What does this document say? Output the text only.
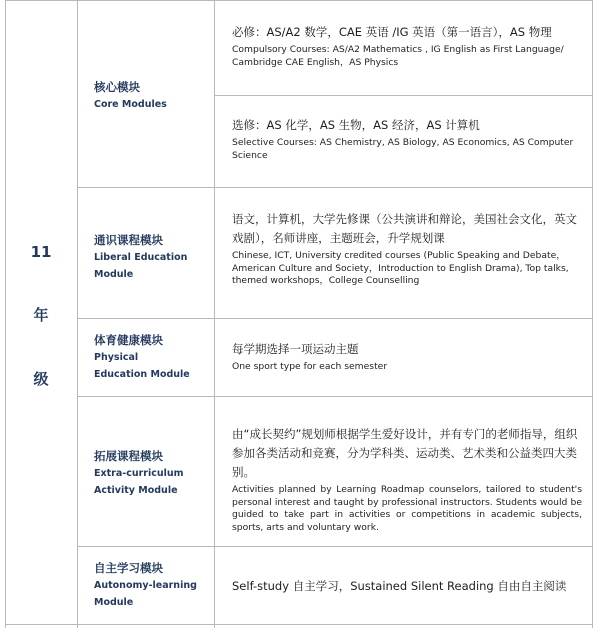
11
年
级
核心模块
Core Modules
必修：AS/A2 数学，CAE 英语 /IG 英语（第一语言），AS 物理
Compulsory Courses: AS/A2 Mathematics , IG English as First Language/ Cambridge CAE English，AS Physics
选修：AS 化学，AS 生物，AS 经济，AS 计算机
Selective Courses: AS Chemistry, AS Biology, AS Economics, AS Computer Science
通识课程模块
Liberal Education
Module
语文，计算机，大学先修课（公共演讲和辩论，美国社会文化，英文戏剧），名师讲座，主题班会，升学规划课
Chinese, ICT, University credited courses (Public Speaking and Debate，American Culture and Society，Introduction to English Drama), Top talks, themed workshops，College Counselling
体育健康模块
Physical
Education Module
每学期选择一项运动主题
One sport type for each semester
拓展课程模块
Extra-curriculum
Activity Module
由“成长契约”规划师根据学生爱好设计，并有专门的老师指导，组织参加各类活动和竞赛，分为学科类、运动类、艺术类和公益类四大类别。
Activities planned by Learning Roadmap counselors, tailored to student's personal interest and taught by professional instructors. Students would be guided to take part in activities or competitions in academic subjects, sports, arts and voluntary work.
自主学习模块
Autonomy-learning
Module
Self-study 自主学习，Sustained Silent Reading 自由自主阅读
